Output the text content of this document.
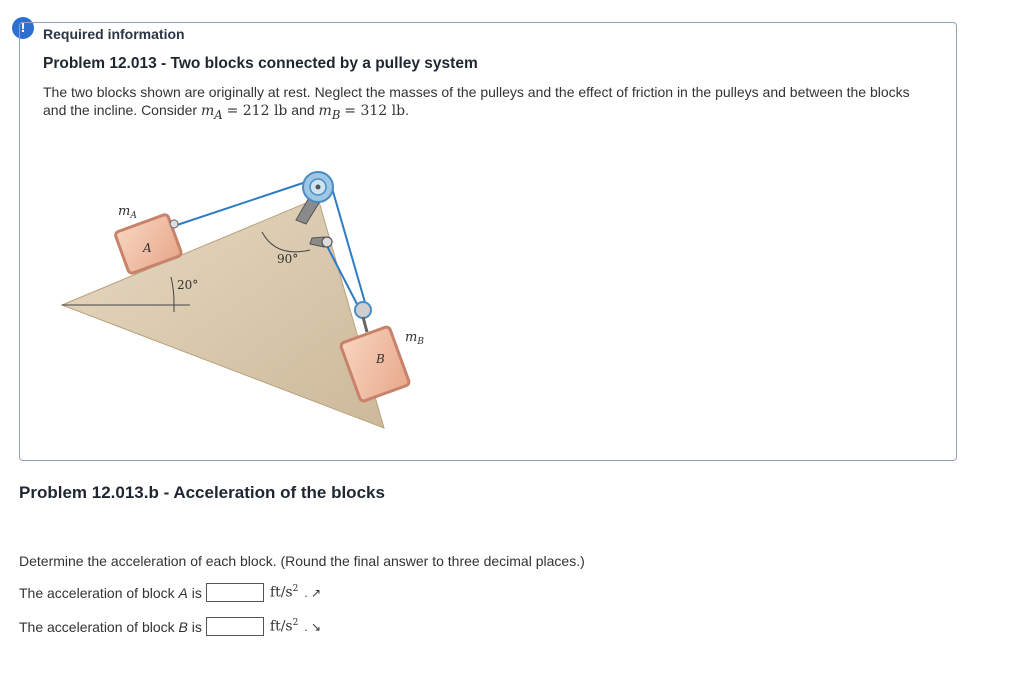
!	Required information
Problem 12.013 - Two blocks connected by a pulley system
The two blocks shown are originally at rest. Neglect the masses of the pulleys and the effect of friction in the pulleys and between the blocks and the incline. Consider $m_A = 212$ lb and $m_B = 312$ lb.
$m_A$
$m_B$
A
B
20°
90°
Problem 12.013.b - Acceleration of the blocks
Determine the acceleration of each block. (Round the final answer to three decimal places.)
The acceleration of block
A
is	$ft/s^2$ . ↗
The acceleration of block
B
is	$ft/s^2$ . ↘
